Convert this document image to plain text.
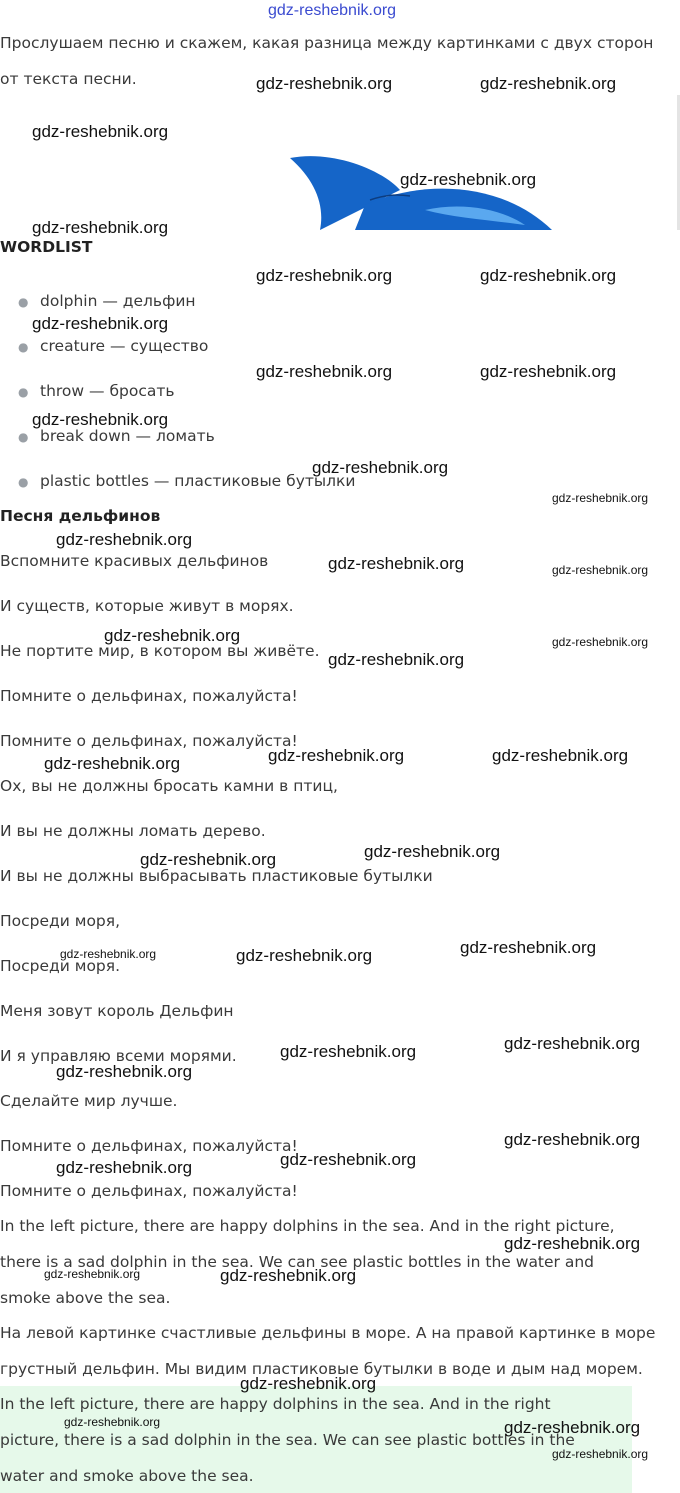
gdz-reshebnik.org
Прослушаем песню и скажем, какая разница между картинками с двух сторон
от текста песни.
WORDLIST
● dolphin — дельфин
● creature — существо
● throw — бросать
● break down — ломать
● plastic bottles — пластиковые бутылки
Песня дельфинов
Вспомните красивых дельфинов
И существ, которые живут в морях.
Не портите мир, в котором вы живёте.
Помните о дельфинах, пожалуйста!
Помните о дельфинах, пожалуйста!
Ох, вы не должны бросать камни в птиц,
И вы не должны ломать дерево.
И вы не должны выбрасывать пластиковые бутылки
Посреди моря,
Посреди моря.
Меня зовут король Дельфин
И я управляю всеми морями.
Сделайте мир лучше.
Помните о дельфинах, пожалуйста!
Помните о дельфинах, пожалуйста!
In the left picture, there are happy dolphins in the sea. And in the right picture,
there is a sad dolphin in the sea. We can see plastic bottles in the water and
smoke above the sea.
На левой картинке счастливые дельфины в море. А на правой картинке в море
грустный дельфин. Мы видим пластиковые бутылки в воде и дым над морем.
In the left picture, there are happy dolphins in the sea. And in the right
picture, there is a sad dolphin in the sea. We can see plastic bottles in the
water and smoke above the sea.
gdz-reshebnik.org	gdz-reshebnik.org
gdz-reshebnik.org
gdz-reshebnik.org
gdz-reshebnik.org
gdz-reshebnik.org	gdz-reshebnik.org
gdz-reshebnik.org
gdz-reshebnik.org	gdz-reshebnik.org
gdz-reshebnik.org
gdz-reshebnik.org
gdz-reshebnik.org
gdz-reshebnik.org
gdz-reshebnik.org	gdz-reshebnik.org
gdz-reshebnik.org	gdz-reshebnik.org
gdz-reshebnik.org
gdz-reshebnik.org	gdz-reshebnik.org
gdz-reshebnik.org
gdz-reshebnik.org
gdz-reshebnik.org
gdz-reshebnik.org
gdz-reshebnik.org	gdz-reshebnik.org
gdz-reshebnik.org
gdz-reshebnik.org
gdz-reshebnik.org
gdz-reshebnik.org
gdz-reshebnik.org
gdz-reshebnik.org
gdz-reshebnik.org
gdz-reshebnik.org	gdz-reshebnik.org
gdz-reshebnik.org
gdz-reshebnik.org	gdz-reshebnik.org
gdz-reshebnik.org
